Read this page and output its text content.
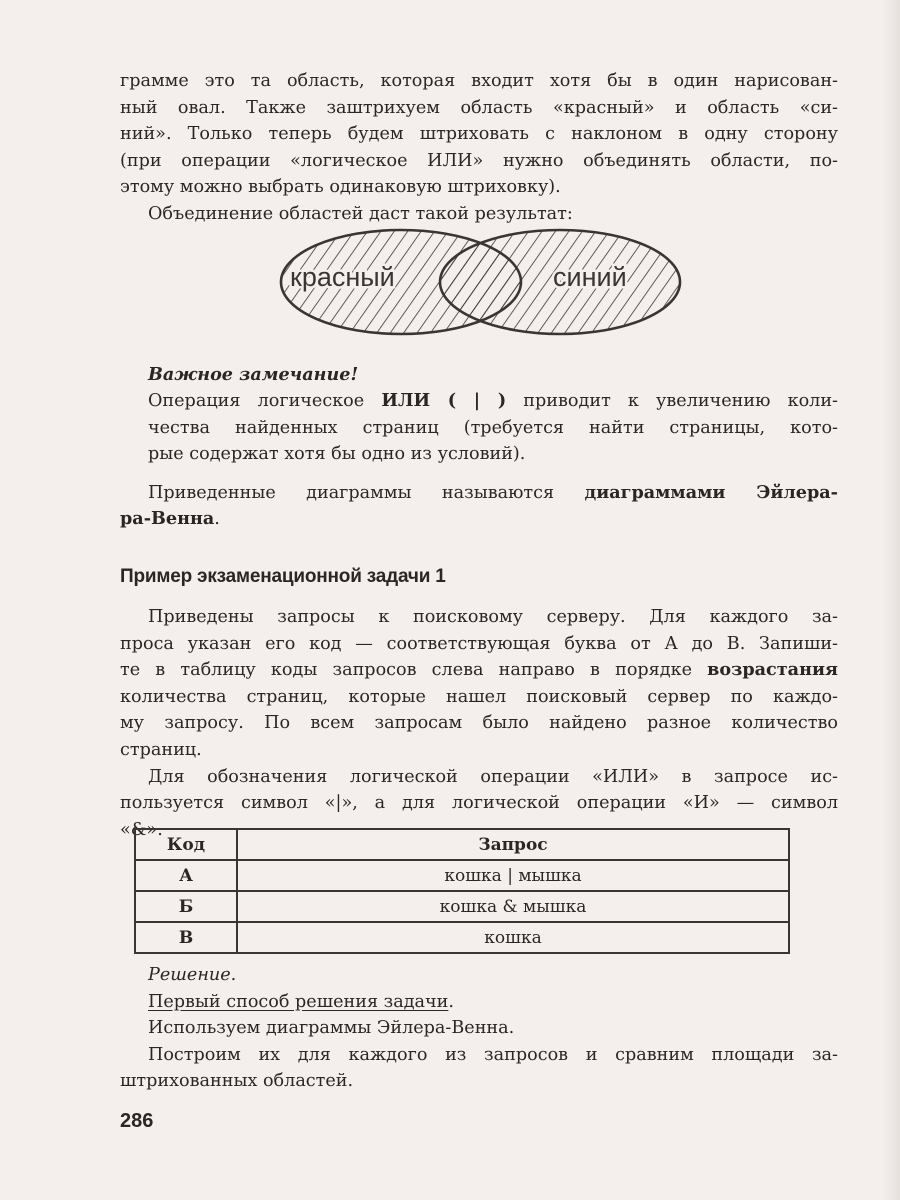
грамме это та область, которая входит хотя бы в один нарисован-
ный овал. Также заштрихуем область «красный» и область «си-
ний». Только теперь будем штриховать с наклоном в одну сторону
(при операции «логическое ИЛИ» нужно объединять области, по-
этому можно выбрать одинаковую штриховку).
Объединение областей даст такой результат:
красный	синий
Важное замечание!
Операция логическое ИЛИ ( | ) приводит к увеличению коли-
чества найденных страниц (требуется найти страницы, кото-
рые содержат хотя бы одно из условий).
Приведенные диаграммы называются диаграммами Эйлера-
ра-Венна.
Пример экзаменационной задачи 1
Приведены запросы к поисковому серверу. Для каждого за-
проса указан его код — соответствующая буква от А до В. Запиши-
те в таблицу коды запросов слева направо в порядке возрастания
количества страниц, которые нашел поисковый сервер по каждо-
му запросу. По всем запросам было найдено разное количество
страниц.
Для обозначения логической операции «ИЛИ» в запросе ис-
пользуется символ «|», а для логической операции «И» — символ
«&».
Код	Запрос
А	кошка | мышка
Б	кошка & мышка
В	кошка
Решение.
Первый способ решения задачи.
Используем диаграммы Эйлера-Венна.
Построим их для каждого из запросов и сравним площади за-
штрихованных областей.
286
